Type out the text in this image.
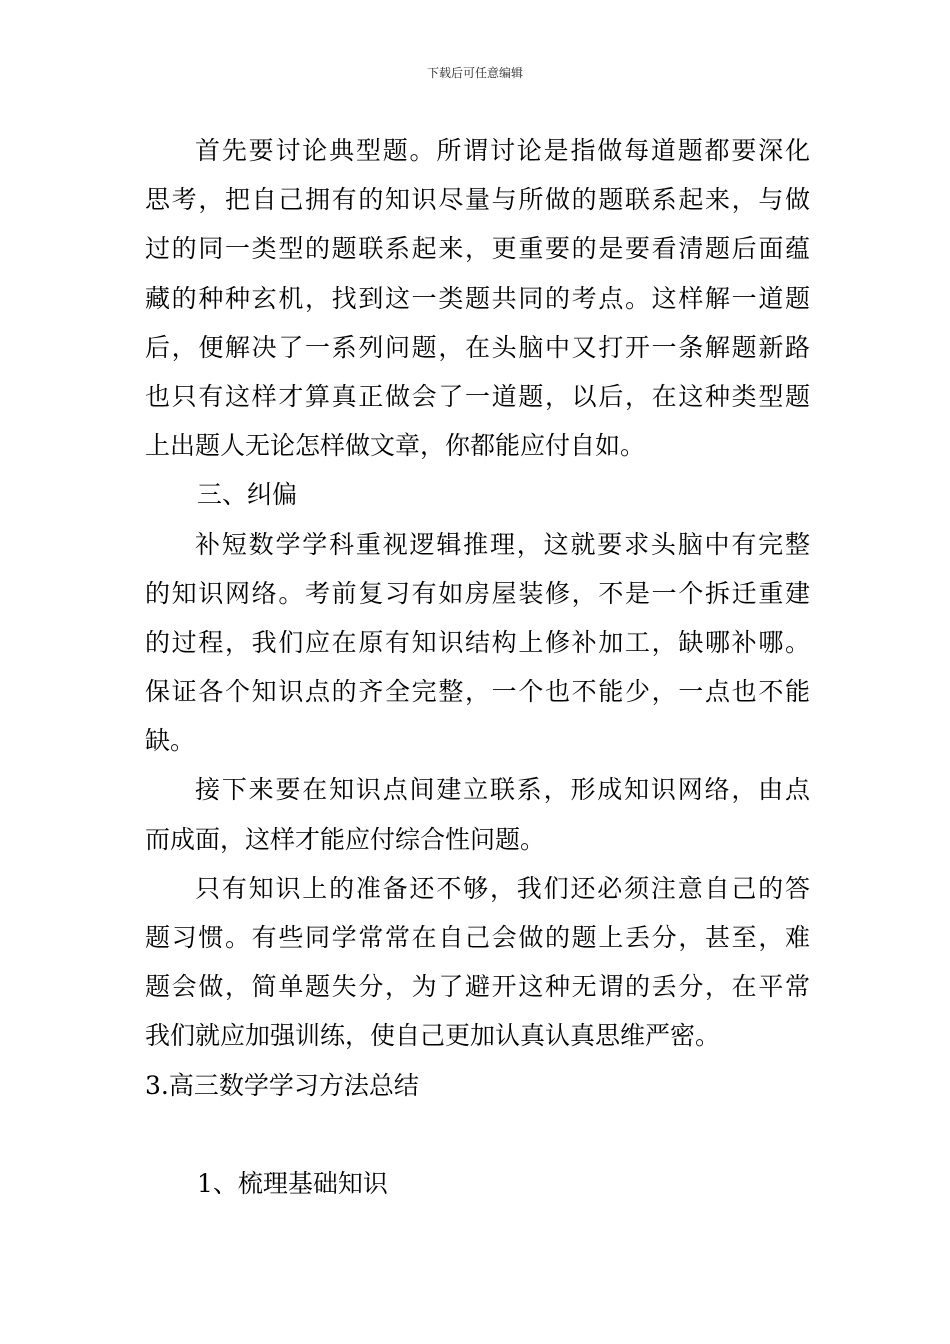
下载后可任意编辑
首先要讨论典型题。所谓讨论是指做每道题都要深化
思考，把自己拥有的知识尽量与所做的题联系起来，与做
过的同一类型的题联系起来，更重要的是要看清题后面蕴
藏的种种玄机，找到这一类题共同的考点。这样解一道题
后，便解决了一系列问题，在头脑中又打开一条解题新路
也只有这样才算真正做会了一道题，以后，在这种类型题
上出题人无论怎样做文章，你都能应付自如。
三、纠偏
补短数学学科重视逻辑推理，这就要求头脑中有完整
的知识网络。考前复习有如房屋装修，不是一个拆迁重建
的过程，我们应在原有知识结构上修补加工，缺哪补哪。
保证各个知识点的齐全完整，一个也不能少，一点也不能
缺。
接下来要在知识点间建立联系，形成知识网络，由点
而成面，这样才能应付综合性问题。
只有知识上的准备还不够，我们还必须注意自己的答
题习惯。有些同学常常在自己会做的题上丢分，甚至，难
题会做，简单题失分，为了避开这种无谓的丢分，在平常
我们就应加强训练，使自己更加认真认真思维严密。
3.高三数学学习方法总结
1、梳理基础知识
